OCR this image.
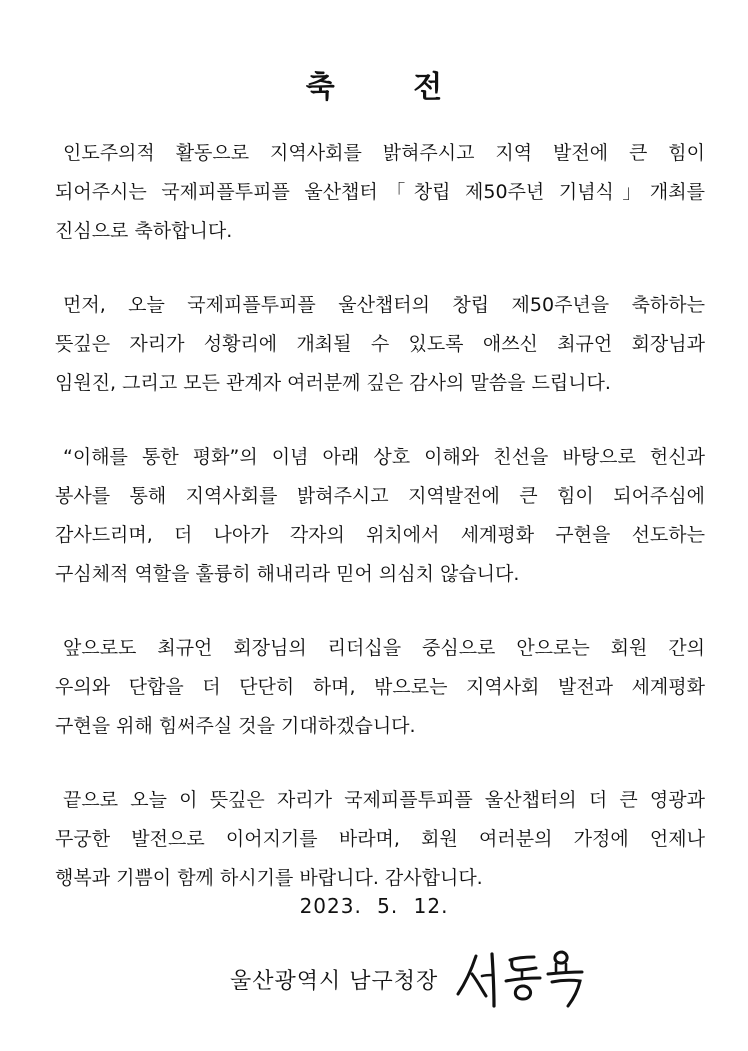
축 전

인도주의적 활동으로 지역사회를 밝혀주시고 지역 발전에 큰 힘이
되어주시는 국제피플투피플 울산챕터「창립 제50주년 기념식」개최를
진심으로 축하합니다.

먼저, 오늘 국제피플투피플 울산챕터의 창립 제50주년을 축하하는
뜻깊은 자리가 성황리에 개최될 수 있도록 애쓰신 최규언 회장님과
임원진, 그리고 모든 관계자 여러분께 깊은 감사의 말씀을 드립니다.

“이해를 통한 평화”의 이념 아래 상호 이해와 친선을 바탕으로 헌신과
봉사를 통해 지역사회를 밝혀주시고 지역발전에 큰 힘이 되어주심에
감사드리며, 더 나아가 각자의 위치에서 세계평화 구현을 선도하는
구심체적 역할을 훌륭히 해내리라 믿어 의심치 않습니다.

앞으로도 최규언 회장님의 리더십을 중심으로 안으로는 회원 간의
우의와 단합을 더 단단히 하며, 밖으로는 지역사회 발전과 세계평화
구현을 위해 힘써주실 것을 기대하겠습니다.

끝으로 오늘 이 뜻깊은 자리가 국제피플투피플 울산챕터의 더 큰 영광과
무궁한 발전으로 이어지기를 바라며, 회원 여러분의 가정에 언제나
행복과 기쁨이 함께 하시기를 바랍니다. 감사합니다.

2023. 5. 12.
울산광역시 남구청장
